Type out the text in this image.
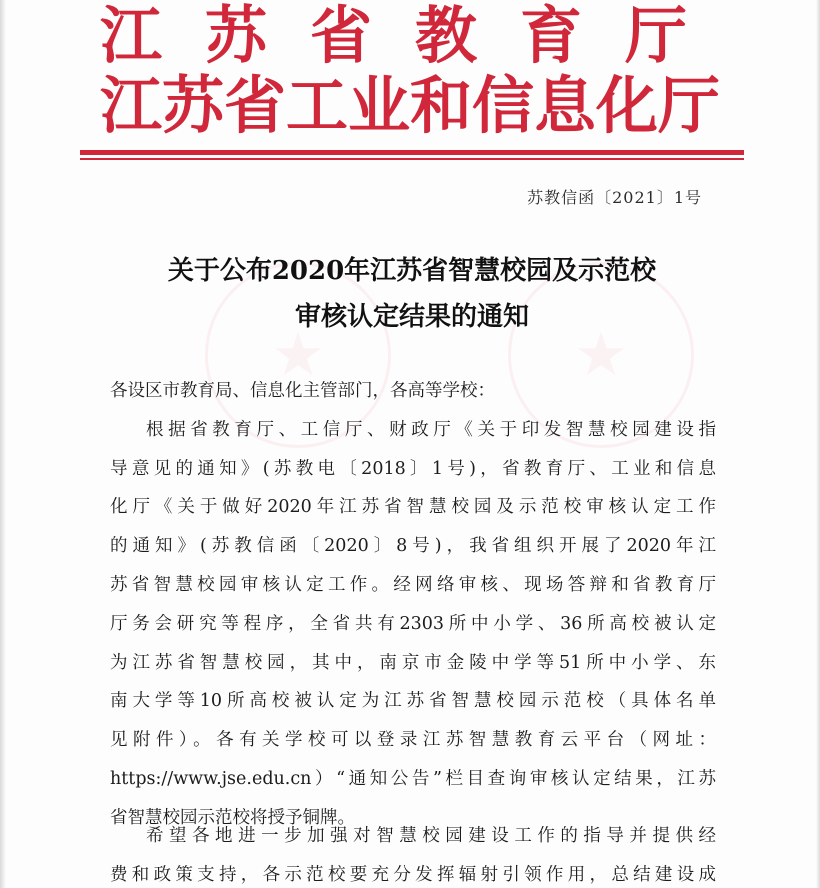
★	★
江苏省教育厅
江苏省工业和信息化厅
苏教信函〔2021〕1号
关于公布2020年江苏省智慧校园及示范校
审核认定结果的通知
各设区市教育局、信息化主管部门，各高等学校：
根据省教育厅、工信厅、财政厅《关于印发智慧校园建设指
导意见的通知》(苏教电〔2018〕1号)，省教育厅、工业和信息
化厅《关于做好2020年江苏省智慧校园及示范校审核认定工作
的通知》(苏教信函〔2020〕8号)，我省组织开展了2020年江
苏省智慧校园审核认定工作。经网络审核、现场答辩和省教育厅
厅务会研究等程序，全省共有2303所中小学、36所高校被认定
为江苏省智慧校园，其中，南京市金陵中学等51所中小学、东
南大学等10所高校被认定为江苏省智慧校园示范校（具体名单
见附件）。各有关学校可以登录江苏智慧教育云平台（网址：
https://www.jse.edu.cn）“通知公告”栏目查询审核认定结果，江苏
省智慧校园示范校将授予铜牌。
希望各地进一步加强对智慧校园建设工作的指导并提供经
费和政策支持，各示范校要充分发挥辐射引领作用，总结建设成
